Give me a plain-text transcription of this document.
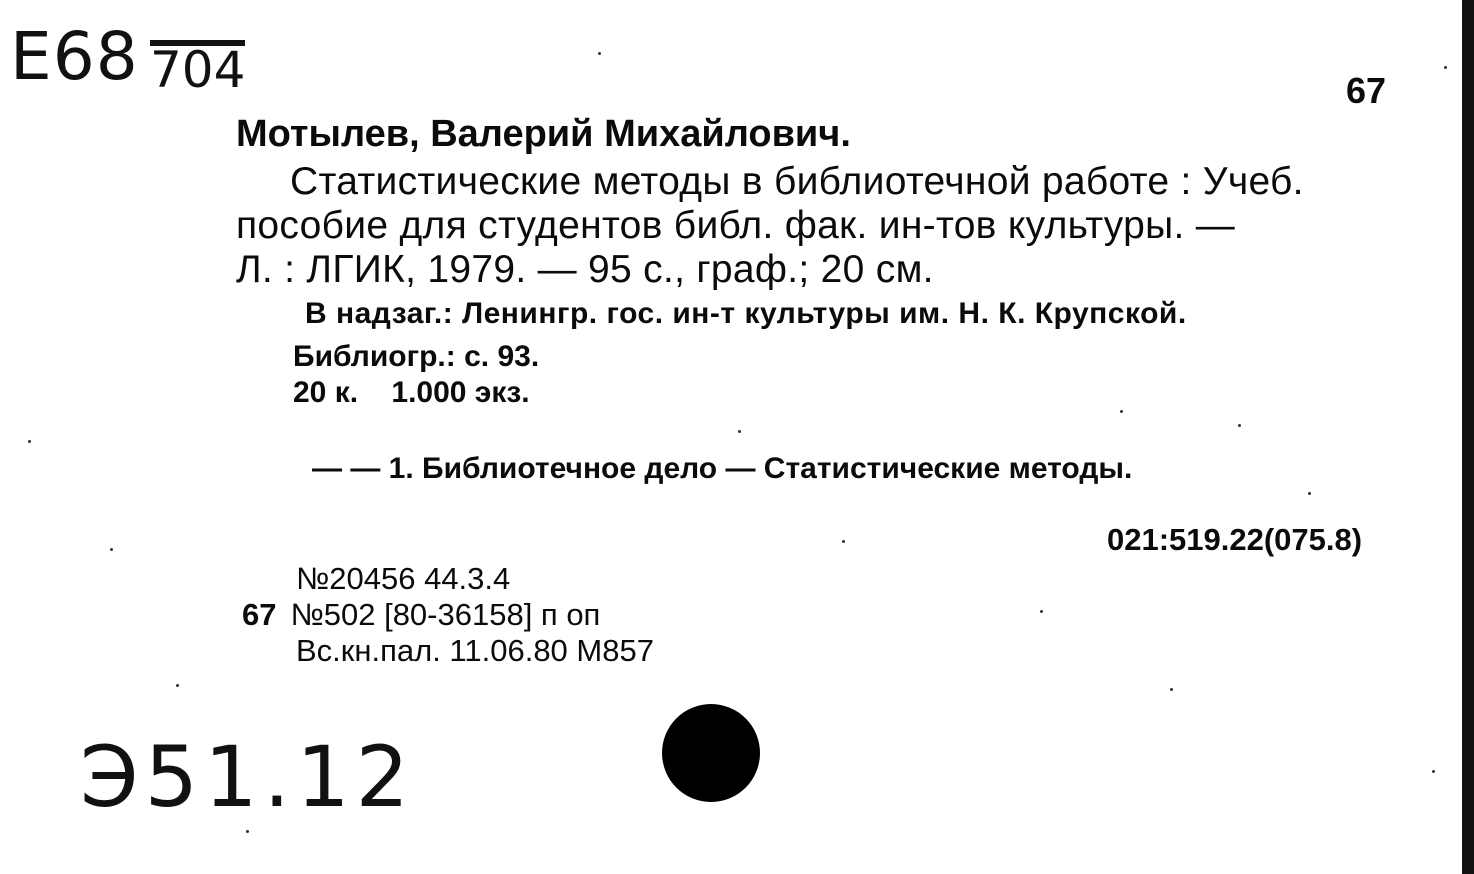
Е68 704	67
Мотылев, Валерий Михайлович.
Статистические методы в библиотечной работе : Учеб.
пособие для студентов библ. фак. ин-тов культуры. —
Л. : ЛГИК, 1979. — 95 с., граф.; 20 см.
В надзаг.: Ленингр. гос. ин-т культуры им. Н. К. Крупской.
Библиогр.: с. 93.
20 к.    1.000 экз.
— — 1. Библиотечное дело — Статистические методы.
021:519.22(075.8)
№20456 44.3.4
67 №502 [80-36158] п оп
Вс.кн.пал. 11.06.80 М857
Э51.12
